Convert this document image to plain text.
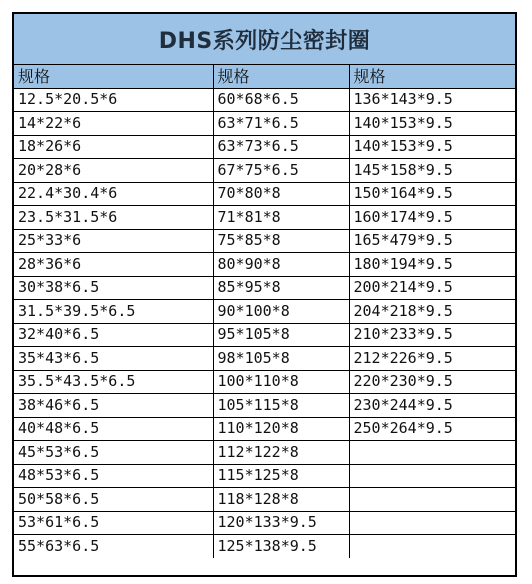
DHS系列防尘密封圈
规格	规格	规格
12.5*20.5*6	60*68*6.5	136*143*9.5
14*22*6	63*71*6.5	140*153*9.5
18*26*6	63*73*6.5	140*153*9.5
20*28*6	67*75*6.5	145*158*9.5
22.4*30.4*6	70*80*8	150*164*9.5
23.5*31.5*6	71*81*8	160*174*9.5
25*33*6	75*85*8	165*479*9.5
28*36*6	80*90*8	180*194*9.5
30*38*6.5	85*95*8	200*214*9.5
31.5*39.5*6.5	90*100*8	204*218*9.5
32*40*6.5	95*105*8	210*233*9.5
35*43*6.5	98*105*8	212*226*9.5
35.5*43.5*6.5	100*110*8	220*230*9.5
38*46*6.5	105*115*8	230*244*9.5
40*48*6.5	110*120*8	250*264*9.5
45*53*6.5	112*122*8	
48*53*6.5	115*125*8	
50*58*6.5	118*128*8	
53*61*6.5	120*133*9.5	
55*63*6.5	125*138*9.5	
